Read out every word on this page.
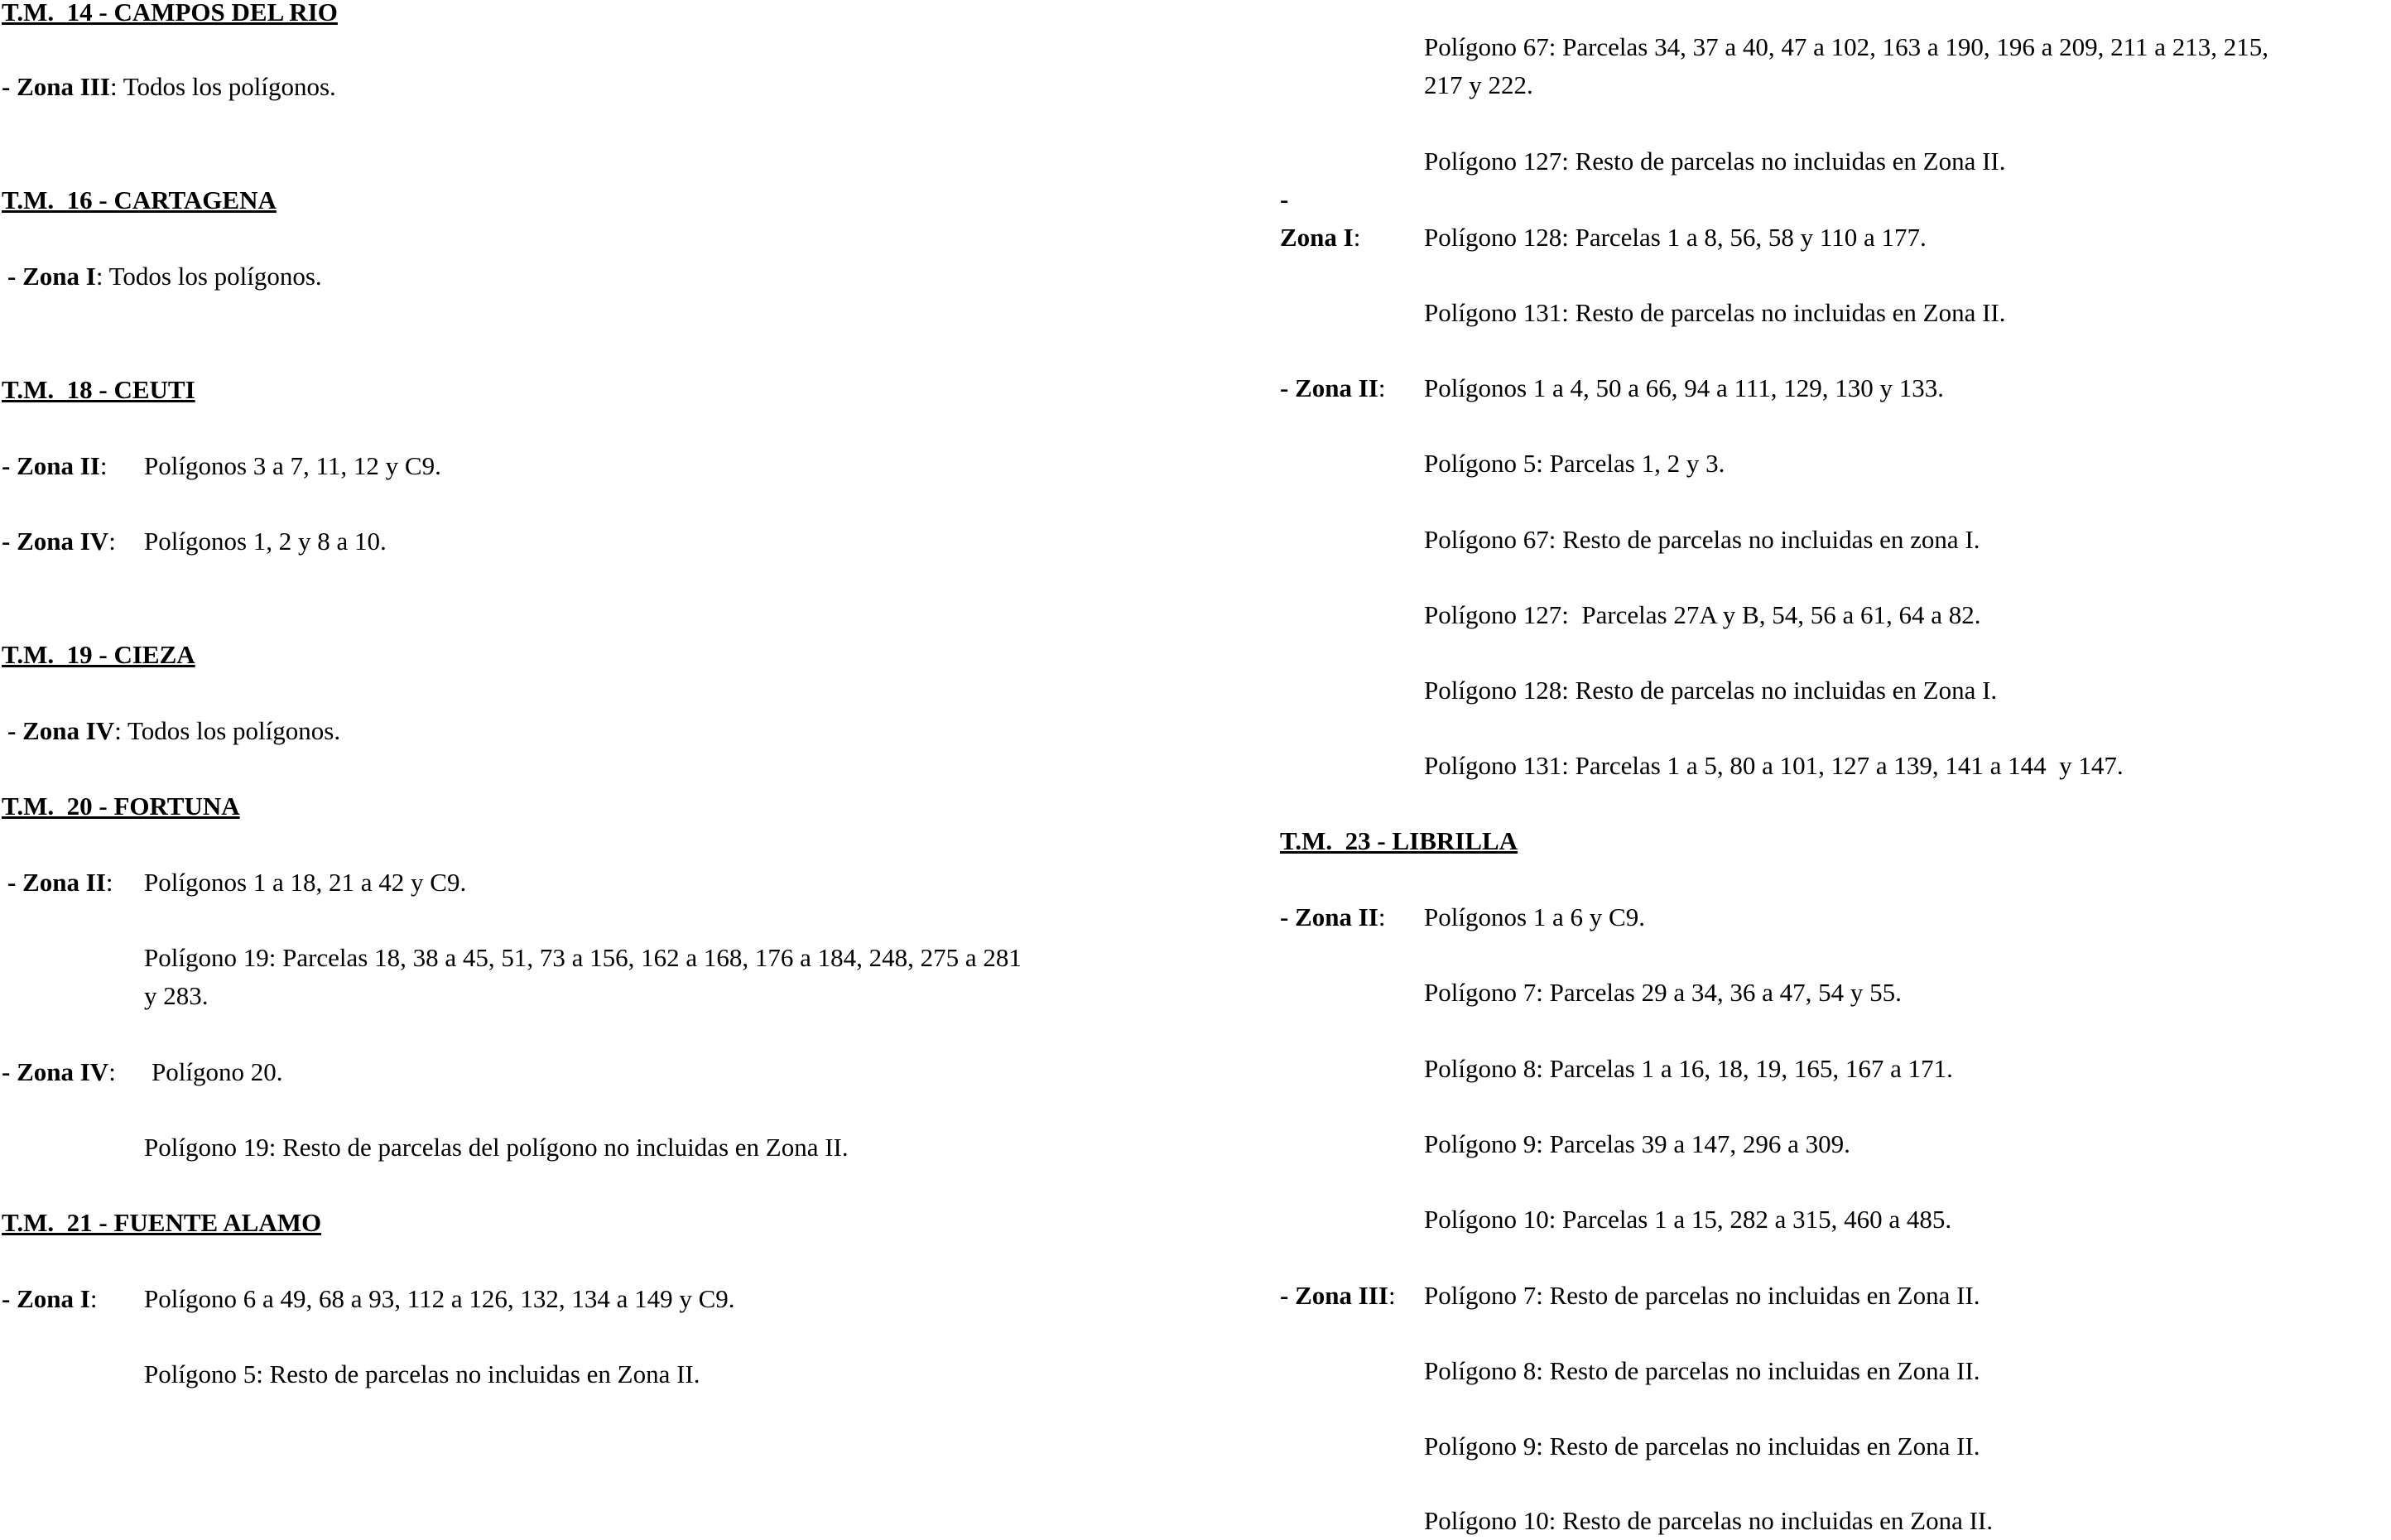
T.M.  14 - CAMPOS DEL RIO
- Zona III: Todos los polígonos.
T.M.  16 - CARTAGENA
- Zona I: Todos los polígonos.
T.M.  18 - CEUTI
- Zona II: Polígonos 3 a 7, 11, 12 y C9.
- Zona IV: Polígonos 1, 2 y 8 a 10.
T.M.  19 - CIEZA
- Zona IV: Todos los polígonos.
T.M.  20 - FORTUNA
- Zona II: Polígonos 1 a 18, 21 a 42 y C9.
Polígono 19: Parcelas 18, 38 a 45, 51, 73 a 156, 162 a 168, 176 a 184, 248, 275 a 281
y 283.
- Zona IV: Polígono 20.
Polígono 19: Resto de parcelas del polígono no incluidas en Zona II.
T.M.  21 - FUENTE ALAMO
- Zona I: Polígono 6 a 49, 68 a 93, 112 a 126, 132, 134 a 149 y C9.
Polígono 5: Resto de parcelas no incluidas en Zona II.
Polígono 67: Parcelas 34, 37 a 40, 47 a 102, 163 a 190, 196 a 209, 211 a 213, 215,
217 y 222.
Polígono 127: Resto de parcelas no incluidas en Zona II.
-
Zona I: Polígono 128: Parcelas 1 a 8, 56, 58 y 110 a 177.
Polígono 131: Resto de parcelas no incluidas en Zona II.
- Zona II: Polígonos 1 a 4, 50 a 66, 94 a 111, 129, 130 y 133.
Polígono 5: Parcelas 1, 2 y 3.
Polígono 67: Resto de parcelas no incluidas en zona I.
Polígono 127:  Parcelas 27A y B, 54, 56 a 61, 64 a 82.
Polígono 128: Resto de parcelas no incluidas en Zona I.
Polígono 131: Parcelas 1 a 5, 80 a 101, 127 a 139, 141 a 144  y 147.
T.M.  23 - LIBRILLA
- Zona II: Polígonos 1 a 6 y C9.
Polígono 7: Parcelas 29 a 34, 36 a 47, 54 y 55.
Polígono 8: Parcelas 1 a 16, 18, 19, 165, 167 a 171.
Polígono 9: Parcelas 39 a 147, 296 a 309.
Polígono 10: Parcelas 1 a 15, 282 a 315, 460 a 485.
- Zona III: Polígono 7: Resto de parcelas no incluidas en Zona II.
Polígono 8: Resto de parcelas no incluidas en Zona II.
Polígono 9: Resto de parcelas no incluidas en Zona II.
Polígono 10: Resto de parcelas no incluidas en Zona II.
